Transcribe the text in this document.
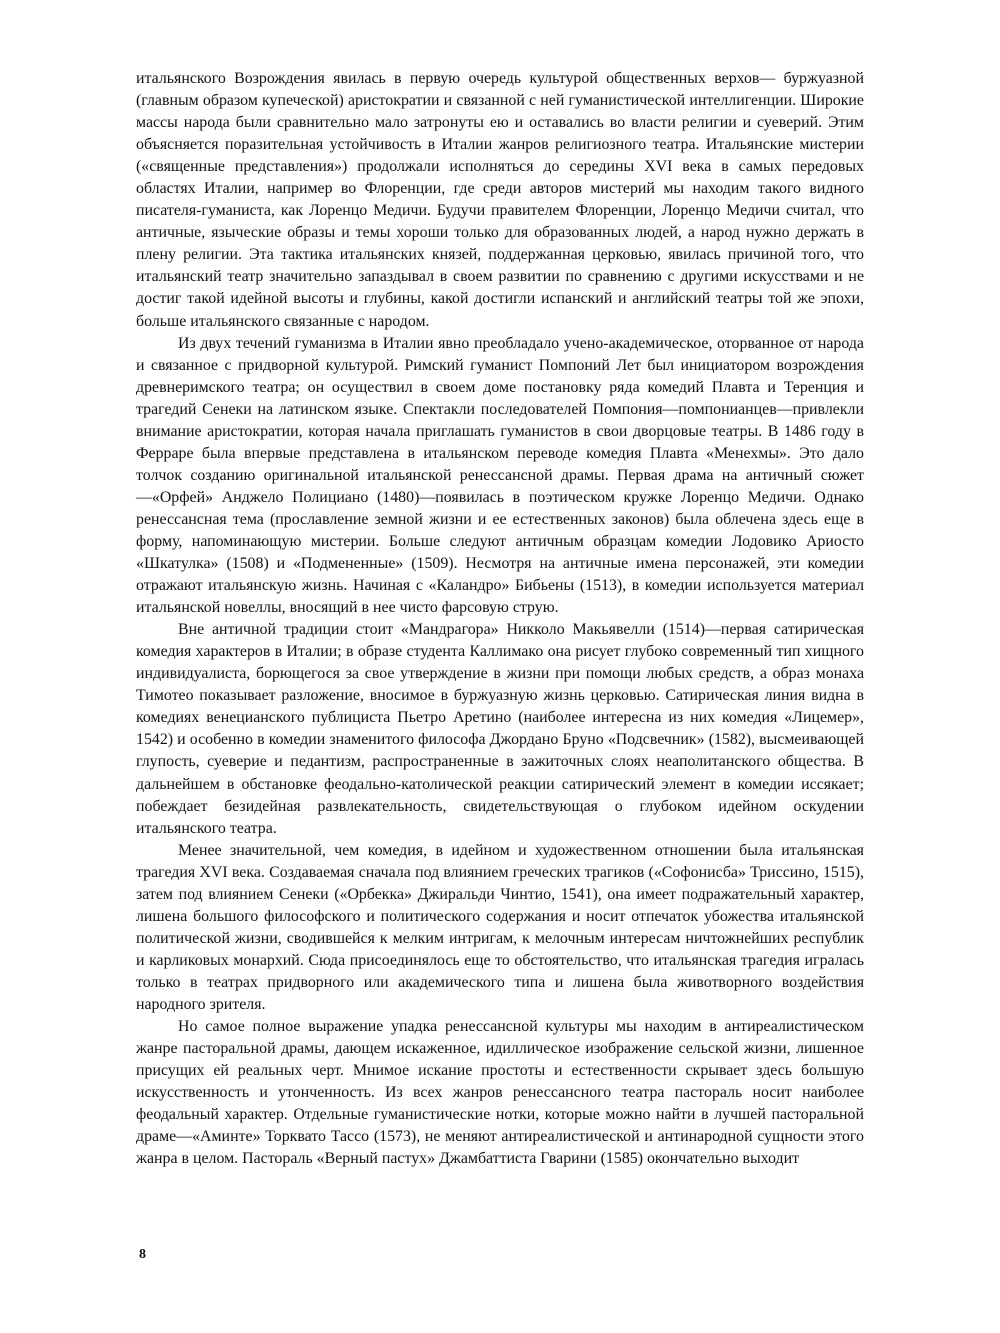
итальянского Возрождения явилась в первую очередь культурой общественных верхов— буржуазной (главным образом купеческой) аристократии и связанной с ней гуманистической интеллигенции. Широкие массы народа были сравнительно мало затронуты ею и оставались во власти религии и суеверий. Этим объясняется поразительная устойчивость в Италии жанров религиозного театра. Итальянские мистерии («священные представления») продолжали исполняться до середины XVI века в самых передовых областях Италии, например во Флоренции, где среди авторов мистерий мы находим такого видного писателя-гуманиста, как Лоренцо Медичи. Будучи правителем Флоренции, Лоренцо Медичи считал, что античные, языческие образы и темы хороши только для образованных людей, а народ нужно держать в плену религии. Эта тактика итальянских князей, поддержанная церковью, явилась причиной того, что итальянский театр значительно запаздывал в своем развитии по сравнению с другими искусствами и не достиг такой идейной высоты и глубины, какой достигли испанский и английский театры той же эпохи, больше итальянского связанные с народом.

Из двух течений гуманизма в Италии явно преобладало учено-академическое, оторванное от народа и связанное с придворной культурой. Римский гуманист Помпоний Лет был инициатором возрождения древнеримского театра; он осуществил в своем доме постановку ряда комедий Плавта и Теренция и трагедий Сенеки на латинском языке. Спектакли последователей Помпония—помпонианцев—привлекли внимание аристократии, которая начала приглашать гуманистов в свои дворцовые театры. В 1486 году в Ферраре была впервые представлена в итальянском переводе комедия Плавта «Менехмы». Это дало толчок созданию оригинальной итальянской ренессансной драмы. Первая драма на античный сюжет—«Орфей» Анджело Полициано (1480)—появилась в поэтическом кружке Лоренцо Медичи. Однако ренессансная тема (прославление земной жизни и ее естественных законов) была облечена здесь еще в форму, напоминающую мистерии. Больше следуют античным образцам комедии Лодовико Ариосто «Шкатулка» (1508) и «Подмененные» (1509). Несмотря на античные имена персонажей, эти комедии отражают итальянскую жизнь. Начиная с «Каландро» Бибьены (1513), в комедии используется материал итальянской новеллы, вносящий в нее чисто фарсовую струю.

Вне античной традиции стоит «Мандрагора» Никколо Макьявелли (1514)—первая сатирическая комедия характеров в Италии; в образе студента Каллимако она рисует глубоко современный тип хищного индивидуалиста, борющегося за свое утверждение в жизни при помощи любых средств, а образ монаха Тимотео показывает разложение, вносимое в буржуазную жизнь церковью. Сатирическая линия видна в комедиях венецианского публициста Пьетро Аретино (наиболее интересна из них комедия «Лицемер», 1542) и особенно в комедии знаменитого философа Джордано Бруно «Подсвечник» (1582), высмеивающей глупость, суеверие и педантизм, распространенные в зажиточных слоях неаполитанского общества. В дальнейшем в обстановке феодально-католической реакции сатирический элемент в комедии иссякает; побеждает безидейная развлекательность, свидетельствующая о глубоком идейном оскудении итальянского театра.

Менее значительной, чем комедия, в идейном и художественном отношении была итальянская трагедия XVI века. Создаваемая сначала под влиянием греческих трагиков («Софонисба» Триссино, 1515), затем под влиянием Сенеки («Орбекка» Джиральди Чинтио, 1541), она имеет подражательный характер, лишена большого философского и политического содержания и носит отпечаток убожества итальянской политической жизни, сводившейся к мелким интригам, к мелочным интересам ничтожнейших республик и карликовых монархий. Сюда присоединялось еще то обстоятельство, что итальянская трагедия игралась только в театрах придворного или академического типа и лишена была животворного воздействия народного зрителя.

Но самое полное выражение упадка ренессансной культуры мы находим в антиреалистическом жанре пасторальной драмы, дающем искаженное, идиллическое изображение сельской жизни, лишенное присущих ей реальных черт. Мнимое искание простоты и естественности скрывает здесь большую искусственность и утонченность. Из всех жанров ренессансного театра пастораль носит наиболее феодальный характер. Отдельные гуманистические нотки, которые можно найти в лучшей пасторальной драме—«Аминте» Торквато Тассо (1573), не меняют антиреалистической и антинародной сущности этого жанра в целом. Пастораль «Верный пастух» Джамбаттиста Гварини (1585) окончательно выходит

8
